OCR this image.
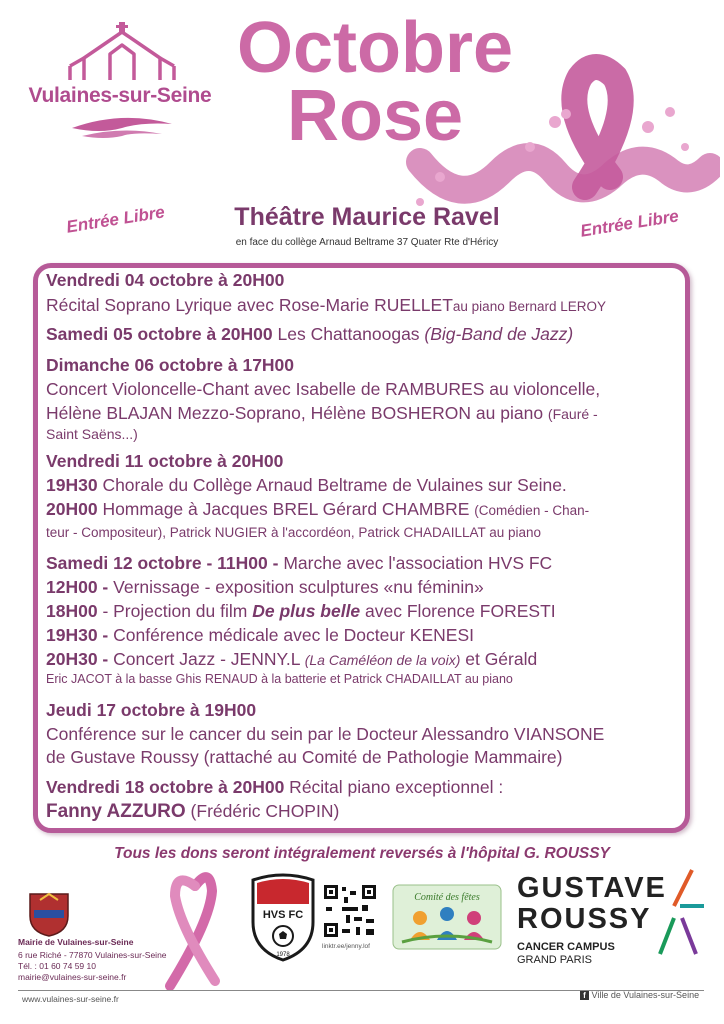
Vulaines-sur-Seine
Octobre
Rose
Entrée Libre	Entrée Libre
Théâtre Maurice Ravel
en face du collège Arnaud Beltrame 37 Quater Rte d'Héricy
Vendredi 04 octobre à 20H00
Récital Soprano Lyrique avec Rose-Marie RUELLETau piano Bernard LEROY
Samedi 05 octobre à 20H00 Les Chattanoogas (Big-Band de Jazz)
Dimanche 06 octobre à 17H00
Concert Violoncelle-Chant avec Isabelle de RAMBURES au violoncelle,
Hélène BLAJAN Mezzo-Soprano, Hélène BOSHERON au piano (Fauré -
Saint Saëns...)
Vendredi 11 octobre à 20H00
19H30 Chorale du Collège Arnaud Beltrame de Vulaines sur Seine.
20H00 Hommage à Jacques BREL Gérard CHAMBRE (Comédien - Chan-
teur - Compositeur), Patrick NUGIER à l'accordéon, Patrick CHADAILLAT au piano
Samedi 12 octobre - 11H00 - Marche avec l'association HVS FC
12H00 - Vernissage - exposition sculptures «nu féminin»
18H00 - Projection du film De plus belle avec Florence FORESTI
19H30 - Conférence médicale avec le Docteur KENESI
20H30 - Concert Jazz - JENNY.L (La Caméléon de la voix) et Gérald
Eric JACOT à la basse Ghis RENAUD à la batterie et Patrick CHADAILLAT au piano
Jeudi 17 octobre à 19H00
Conférence sur le cancer du sein par le Docteur Alessandro VIANSONE
de Gustave Roussy (rattaché au Comité de Pathologie Mammaire)
Vendredi 18 octobre à 20H00 Récital piano exceptionnel :
Fanny AZZURO (Frédéric CHOPIN)
Tous les dons seront intégralement reversés à l'hôpital G. ROUSSY
Mairie de Vulaines-sur-Seine
6 rue Riché - 77870 Vulaines-sur-Seine
Tél. : 01 60 74 59 10
mairie@vulaines-sur-seine.fr
HVS FC
1978
linktr.ee/jenny.lof
Comité des fêtes GUSTAVE
ROUSSY
CANCER CAMPUS
GRAND PARIS
www.vulaines-sur-seine.fr	f Ville de Vulaines-sur-Seine
